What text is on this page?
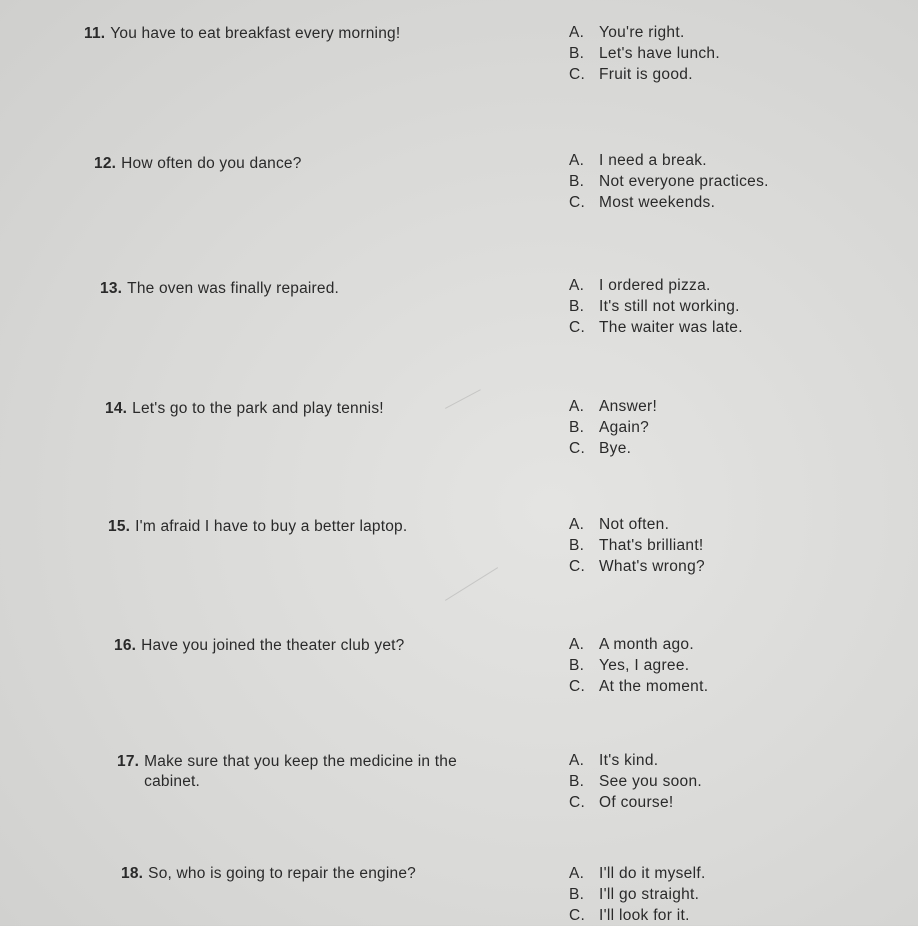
11. You have to eat breakfast every morning!	A. You're right.
B. Let's have lunch.
C. Fruit is good.
12. How often do you dance?	A. I need a break.
B. Not everyone practices.
C. Most weekends.
13. The oven was finally repaired.	A. I ordered pizza.
B. It's still not working.
C. The waiter was late.
14. Let's go to the park and play tennis!	A. Answer!
B. Again?
C. Bye.
15. I'm afraid I have to buy a better laptop.	A. Not often.
B. That's brilliant!
C. What's wrong?
16. Have you joined the theater club yet?	A. A month ago.
B. Yes, I agree.
C. At the moment.
17. Make sure that you keep the medicine in the
cabinet.
A. It's kind.
B. See you soon.
C. Of course!
18. So, who is going to repair the engine?	A. I'll do it myself.
B. I'll go straight.
C. I'll look for it.
